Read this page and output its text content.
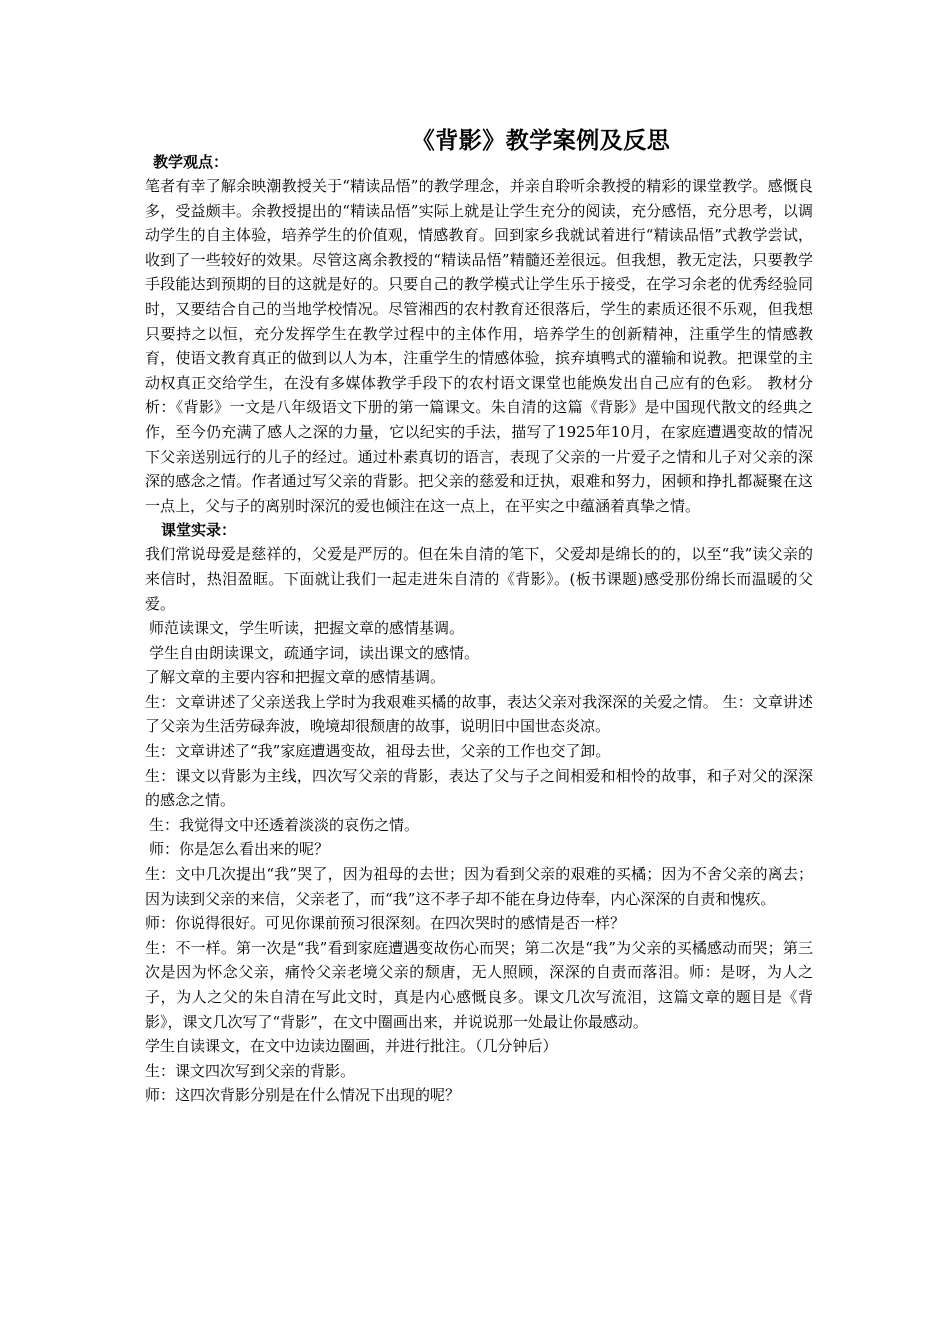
《背影》教学案例及反思

教学观点：

笔者有幸了解余映潮教授关于“精读品悟”的教学理念，并亲自聆听余教授的精彩的课堂教学。感慨良多，受益颇丰。余教授提出的“精读品悟”实际上就是让学生充分的阅读，充分感悟，充分思考，以调动学生的自主体验，培养学生的价值观，情感教育。回到家乡我就试着进行“精读品悟”式教学尝试，收到了一些较好的效果。尽管这离余教授的“精读品悟”精髓还差很远。但我想，教无定法，只要教学手段能达到预期的目的这就是好的。只要自己的教学模式让学生乐于接受，在学习余老的优秀经验同时，又要结合自己的当地学校情况。尽管湘西的农村教育还很落后，学生的素质还很不乐观，但我想只要持之以恒，充分发挥学生在教学过程中的主体作用，培养学生的创新精神，注重学生的情感教育，使语文教育真正的做到以人为本，注重学生的情感体验，摈弃填鸭式的灌输和说教。把课堂的主动权真正交给学生，在没有多媒体教学手段下的农村语文课堂也能焕发出自己应有的色彩。 教材分析：《背影》一文是八年级语文下册的第一篇课文。朱自清的这篇《背影》是中国现代散文的经典之作，至今仍充满了感人之深的力量，它以纪实的手法，描写了1925年10月，在家庭遭遇变故的情况下父亲送别远行的儿子的经过。通过朴素真切的语言，表现了父亲的一片爱子之情和儿子对父亲的深深的感念之情。作者通过写父亲的背影。把父亲的慈爱和迂执，艰难和努力，困顿和挣扎都凝聚在这一点上，父与子的离别时深沉的爱也倾注在这一点上，在平实之中蕴涵着真挚之情。

课堂实录：

我们常说母爱是慈祥的，父爱是严厉的。但在朱自清的笔下，父爱却是绵长的的，以至“我”读父亲的来信时，热泪盈眶。下面就让我们一起走进朱自清的《背影》。(板书课题)感受那份绵长而温暖的父爱。

师范读课文，学生听读，把握文章的感情基调。

学生自由朗读课文，疏通字词，读出课文的感情。

了解文章的主要内容和把握文章的感情基调。

生：文章讲述了父亲送我上学时为我艰难买橘的故事，表达父亲对我深深的关爱之情。 生：文章讲述了父亲为生活劳碌奔波，晚境却很颓唐的故事，说明旧中国世态炎凉。

生：文章讲述了“我”家庭遭遇变故，祖母去世，父亲的工作也交了卸。

生：课文以背影为主线，四次写父亲的背影，表达了父与子之间相爱和相怜的故事，和子对父的深深的感念之情。

生：我觉得文中还透着淡淡的哀伤之情。

师：你是怎么看出来的呢？

生：文中几次提出“我”哭了，因为祖母的去世；因为看到父亲的艰难的买橘；因为不舍父亲的离去；因为读到父亲的来信，父亲老了，而“我”这不孝子却不能在身边侍奉，内心深深的自责和愧疚。

师：你说得很好。可见你课前预习很深刻。在四次哭时的感情是否一样？

生：不一样。第一次是“我”看到家庭遭遇变故伤心而哭；第二次是“我”为父亲的买橘感动而哭；第三次是因为怀念父亲，痛怜父亲老境父亲的颓唐，无人照顾，深深的自责而落泪。师：是呀，为人之子，为人之父的朱自清在写此文时，真是内心感慨良多。课文几次写流泪，这篇文章的题目是《背影》，课文几次写了“背影”，在文中圈画出来，并说说那一处最让你最感动。

学生自读课文，在文中边读边圈画，并进行批注。（几分钟后）

生：课文四次写到父亲的背影。

师：这四次背影分别是在什么情况下出现的呢？
